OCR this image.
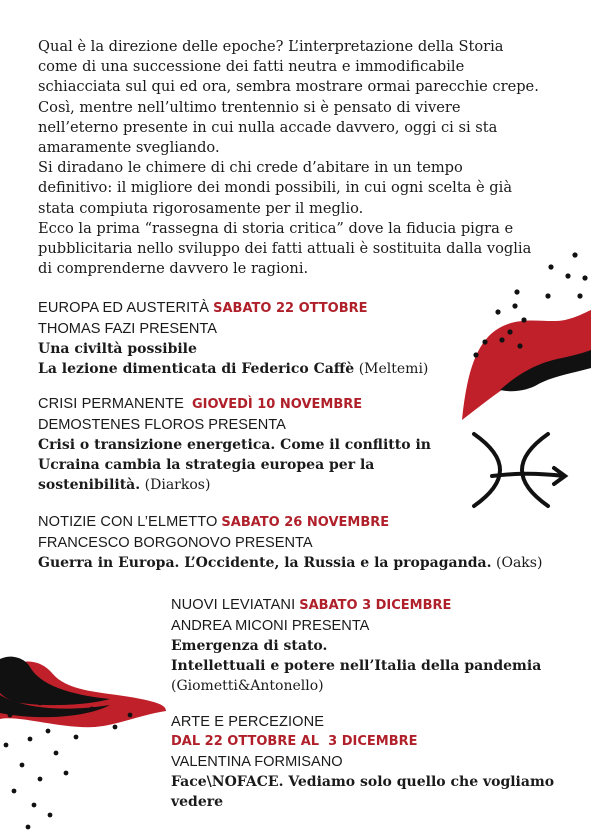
Qual è la direzione delle epoche? L’interpretazione della Storia

come di una successione dei fatti neutra e immodificabile

schiacciata sul qui ed ora, sembra mostrare ormai parecchie crepe.

Così, mentre nell’ultimo trentennio si è pensato di vivere

nell’eterno presente in cui nulla accade davvero, oggi ci si sta

amaramente svegliando.

Si diradano le chimere di chi crede d’abitare in un tempo

definitivo: il migliore dei mondi possibili, in cui ogni scelta è già

stata compiuta rigorosamente per il meglio.

Ecco la prima “rassegna di storia critica” dove la fiducia pigra e

pubblicitaria nello sviluppo dei fatti attuali è sostituita dalla voglia

di comprenderne davvero le ragioni.

EUROPA ED AUSTERITÀ SABATO 22 OTTOBRE
THOMAS FAZI PRESENTA
Una civiltà possibile
La lezione dimenticata di Federico Caffè (Meltemi)
CRISI PERMANENTE GIOVEDÌ 10 NOVEMBRE
DEMOSTENES FLOROS PRESENTA
Crisi o transizione energetica. Come il conflitto in
Ucraina cambia la strategia europea per la
sostenibilità. (Diarkos)
NOTIZIE CON L’ELMETTO SABATO 26 NOVEMBRE
FRANCESCO BORGONOVO PRESENTA
Guerra in Europa. L’Occidente, la Russia e la propaganda. (Oaks)
NUOVI LEVIATANI SABATO 3 DICEMBRE
ANDREA MICONI PRESENTA
Emergenza di stato.
Intellettuali e potere nell’Italia della pandemia
(Giometti&Antonello)
ARTE E PERCEZIONE
DAL 22 OTTOBRE AL  3 DICEMBRE
VALENTINA FORMISANO
Face\NOFACE. Vediamo solo quello che vogliamo
vedere
